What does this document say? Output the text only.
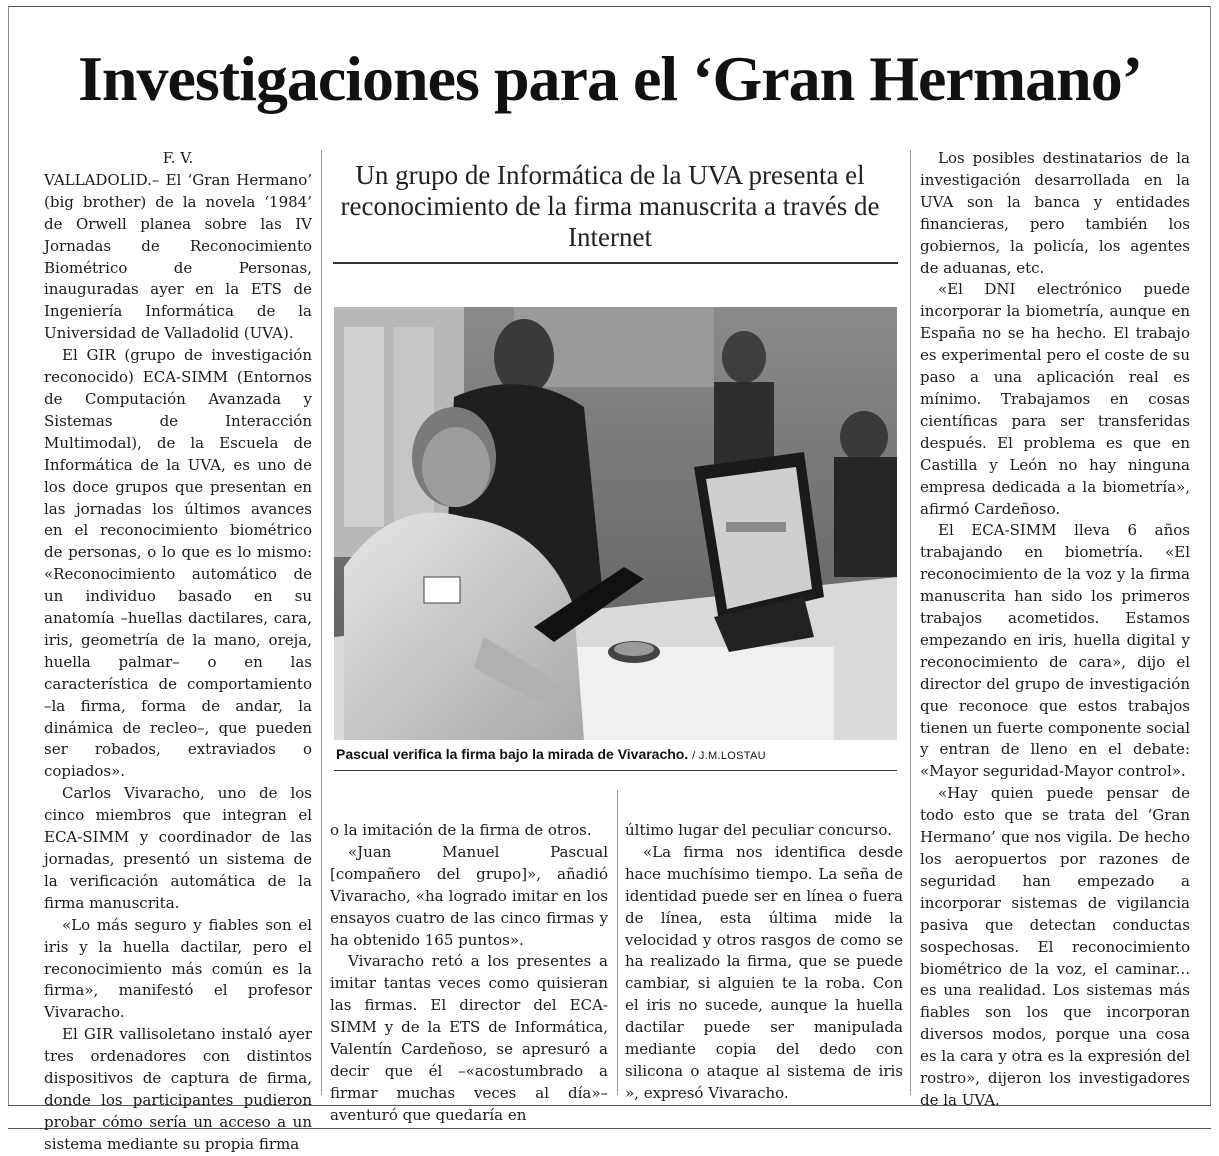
Investigaciones para el ‘Gran Hermano’

F. V.

VALLADOLID.– El ‘Gran Hermano’ (big brother) de la novela ‘1984’ de Orwell planea sobre las IV Jornadas de Reconocimiento Biométrico de Personas, inauguradas ayer en la ETS de Ingeniería Informática de la Universidad de Valladolid (UVA).

El GIR (grupo de investigación reconocido) ECA-SIMM (Entornos de Computación Avanzada y Sistemas de Interacción Multimodal), de la Escuela de Informática de la UVA, es uno de los doce grupos que presentan en las jornadas los últimos avances en el reconocimiento biométrico de personas, o lo que es lo mismo: «Reconocimiento automático de un individuo basado en su anatomía –huellas dactilares, cara, iris, geometría de la mano, oreja, huella palmar– o en las característica de comportamiento –la firma, forma de andar, la dinámica de recleo–, que pueden ser robados, extraviados o copiados».

Carlos Vivaracho, uno de los cinco miembros que integran el ECA-SIMM y coordinador de las jornadas, presentó un sistema de la verificación automática de la firma manuscrita.

«Lo más seguro y fiables son el iris y la huella dactilar, pero el reconocimiento más común es la firma», manifestó el profesor Vivaracho.

El GIR vallisoletano instaló ayer tres ordenadores con distintos dispositivos de captura de firma, donde los participantes pudieron probar cómo sería un acceso a un sistema mediante su propia firma

Un grupo de Informática de la UVA presenta el reconocimiento de la firma manuscrita a través de Internet
Pascual verifica la firma bajo la mirada de Vivaracho. / J.M.LOSTAU

o la imitación de la firma de otros.

«Juan Manuel Pascual [compañero del grupo]», añadió Vivaracho, «ha logrado imitar en los ensayos cuatro de las cinco firmas y ha obtenido 165 puntos».

Vivaracho retó a los presentes a imitar tantas veces como quisieran las firmas. El director del ECA-SIMM y de la ETS de Informática, Valentín Cardeñoso, se apresuró a decir que él –«acostumbrado a firmar muchas veces al día»– aventuró que quedaría en

último lugar del peculiar concurso.

«La firma nos identifica desde hace muchísimo tiempo. La seña de identidad puede ser en línea o fuera de línea, esta última mide la velocidad y otros rasgos de como se ha realizado la firma, que se puede cambiar, si alguien te la roba. Con el iris no sucede, aunque la huella dactilar puede ser manipulada mediante copia del dedo con silicona o ataque al sistema de iris », expresó Vivaracho.

Los posibles destinatarios de la investigación desarrollada en la UVA son la banca y entidades financieras, pero también los gobiernos, la policía, los agentes de aduanas, etc.

«El DNI electrónico puede incorporar la biometría, aunque en España no se ha hecho. El trabajo es experimental pero el coste de su paso a una aplicación real es mínimo. Trabajamos en cosas científicas para ser transferidas después. El problema es que en Castilla y León no hay ninguna empresa dedicada a la biometría», afirmó Cardeñoso.

El ECA-SIMM lleva 6 años trabajando en biometría. «El reconocimiento de la voz y la firma manuscrita han sido los primeros trabajos acometidos. Estamos empezando en iris, huella digital y reconocimiento de cara», dijo el director del grupo de investigación que reconoce que estos trabajos tienen un fuerte componente social y entran de lleno en el debate: «Mayor seguridad-Mayor control».

«Hay quien puede pensar de todo esto que se trata del ‘Gran Hermano’ que nos vigila. De hecho los aeropuertos por razones de seguridad han empezado a incorporar sistemas de vigilancia pasiva que detectan conductas sospechosas. El reconocimiento biométrico de la voz, el caminar... es una realidad. Los sistemas más fiables son los que incorporan diversos modos, porque una cosa es la cara y otra es la expresión del rostro», dijeron los investigadores de la UVA.
